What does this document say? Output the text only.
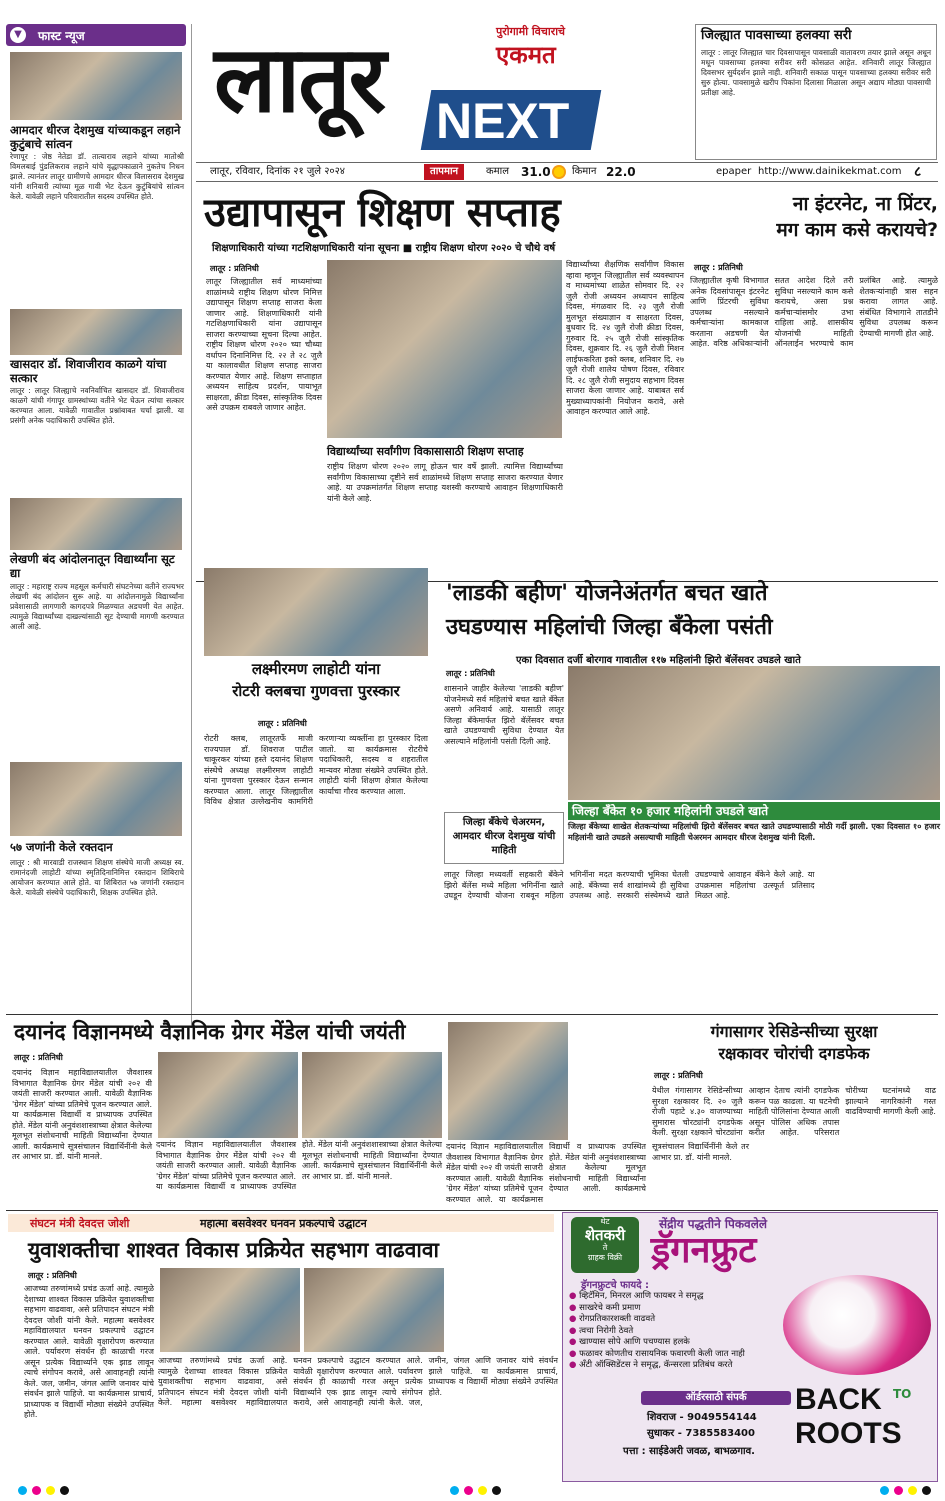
▼	फास्ट न्यूज
आमदार धीरज देशमुख यांच्याकडून लहाने कुटुंबाचे सांत्वन
रेणापूर : जेष्ठ नेतेडा डॉ. तात्याराव लहाने यांच्या मातोश्री विमलबाई पुंडलिकराव लहाने यांचे वृद्धापकाळाने नुकतेच निधन झाले. त्यानंतर लातूर ग्रामीणचे आमदार धीरज विलासराव देशमुख यांनी शनिवारी त्यांच्या मूळ गावी भेट देऊन कुटुंबियांचे सांत्वन केले. यावेळी लहाने परिवारातील सदस्य उपस्थित होते.
खासदार डॉ. शिवाजीराव काळगे यांचा सत्कार
लातूर : लातूर जिल्ह्याचे नवनिर्वाचित खासदार डॉ. शिवाजीराव काळगे यांची गंगापूर ग्रामस्थांच्या वतीने भेट घेऊन त्यांचा सत्कार करण्यात आला. यावेळी गावातील प्रश्नांबाबत चर्चा झाली. या प्रसंगी अनेक पदाधिकारी उपस्थित होते.
लेखणी बंद आंदोलनातून विद्यार्थ्यांना सूट द्या
लातूर : महाराष्ट्र राज्य महसूल कर्मचारी संघटनेच्या वतीने राज्यभर लेखणी बंद आंदोलन सुरू आहे. या आंदोलनामुळे विद्यार्थ्यांना प्रवेशासाठी लागणारी कागदपत्रे मिळण्यात अडचणी येत आहेत. त्यामुळे विद्यार्थ्यांच्या दाखल्यांसाठी सूट देण्याची मागणी करण्यात आली आहे.
५७ जणांनी केले रक्तदान
लातूर : श्री मारवाडी राजस्थान शिक्षण संस्थेचे माजी अध्यक्ष स्व. रामानंदजी लाहोटी यांच्या स्मृतिदिनानिमित्त रक्तदान शिबिराचे आयोजन करण्यात आले होते. या शिबिरात ५७ जणांनी रक्तदान केले. यावेळी संस्थेचे पदाधिकारी, शिक्षक उपस्थित होते.
लातूर	पुरोगामी विचाराचे
एकमत
NEXT
जिल्ह्यात पावसाच्या हलक्या सरी
लातूर : लातूर जिल्ह्यात चार दिवसापासून पावसाळी वातावरण तयार झाले असून अधून मधून पावसाच्या हलक्या सरीवर सरी कोसळत आहेत. शनिवारी लातूर जिल्ह्यात दिवसभर सुर्यदर्शन झाले नाही. शनिवारी सकाळ पासून पावसाच्या हलक्या सरीवर सरी सुरु होत्या. पावसामुळे खरीप पिकांना दिलासा मिळाला असून अद्याप मोठ्या पावसाची प्रतीक्षा आहे.
लातूर, रविवार, दिनांक २१ जुले २०२४	तापमान	कमाल 31.0 किमान 22.0	epaper http://www.dainikekmat.com ८
उद्यापासून शिक्षण सप्ताह
शिक्षणाधिकारी यांच्या गटशिक्षणाधिकारी यांना सूचना ■ राष्ट्रीय शिक्षण धोरण २०२० चे चौथे वर्ष
लातूर : प्रतिनिधी
लातूर जिल्ह्यातील सर्व माध्यमांच्या शाळांमध्ये राष्ट्रीय शिक्षण धोरण निमित्त उद्यापासून शिक्षण सप्ताह साजरा केला जाणार आहे. शिक्षणाधिकारी यांनी गटशिक्षणाधिकारी यांना उद्यापासून साजरा करण्याच्या सूचना दिल्या आहेत. राष्ट्रीय शिक्षण धोरण २०२० च्या चौथ्या वर्धापन दिनानिमित्त दि. २२ ते २८ जुलै या कालावधीत शिक्षण सप्ताह साजरा करण्यात येणार आहे. शिक्षण सप्ताहात अध्ययन साहित्य प्रदर्शन, पायाभूत साक्षरता, क्रीडा दिवस, सांस्कृतिक दिवस असे उपक्रम राबवले जाणार आहेत.
विद्यार्थ्यांच्या सर्वांगीण विकासासाठी शिक्षण सप्ताह
राष्ट्रीय शिक्षण धोरण २०२० लागू होऊन चार वर्षे झाली. त्यामित्त विद्यार्थ्यांच्या सर्वांगीण विकासाच्या दृष्टीने सर्व शाळांमध्ये शिक्षण सप्ताह साजरा करण्यात येणार आहे. या उपक्रमांतर्गत शिक्षण सप्ताह यशस्वी करण्याचे आवाहन शिक्षणाधिकारी यांनी केले आहे.
विद्यार्थ्यांच्या शैक्षणिक सर्वांगीण विकास व्हावा म्हणून जिल्ह्यातील सर्व व्यवस्थापन व माध्यमांच्या शाळेत सोमवार दि. २२ जुलै रोजी अध्ययन अध्यापन साहित्य दिवस, मंगळवार दि. २३ जुलै रोजी मुलभूत संख्याज्ञान व साक्षरता दिवस, बुधवार दि. २४ जुलै रोजी क्रीडा दिवस, गुरुवार दि. २५ जुलै रोजी सांस्कृतिक दिवस, शुक्रवार दि. २६ जुलै रोजी मिशन लाईफकरिता इको क्लब, शनिवार दि. २७ जुलै रोजी शालेय पोषण दिवस, रविवार दि. २८ जुलै रोजी समुदाय सहभाग दिवस साजरा केला जाणार आहे. याबाबत सर्व मुख्याध्यापकांनी नियोजन करावे, असे आवाहन करण्यात आले आहे.
ना इंटरनेट, ना प्रिंटर,
मग काम कसे करायचे?
लातूर : प्रतिनिधी
जिल्ह्यातील कृषी विभागात अनेक दिवसांपासून इंटरनेट आणि प्रिंटरची सुविधा उपलब्ध नसल्याने कर्मचाऱ्यांना कामकाज करताना अडचणी येत आहेत. वरिष्ठ अधिकाऱ्यांनी सतत आदेश दिले तरी सुविधा नसल्याने काम कसे करायचे, असा प्रश्न कर्मचाऱ्यांसमोर उभा राहिला आहे. शासकीय योजनांची माहिती ऑनलाईन भरण्याचे काम प्रलंबित आहे. त्यामुळे शेतकऱ्यांनाही त्रास सहन करावा लागत आहे. संबंधित विभागाने तातडीने सुविधा उपलब्ध करून देण्याची मागणी होत आहे.
लक्ष्मीरमण लाहोटी यांना
रोटरी क्लबचा गुणवत्ता पुरस्कार
लातूर : प्रतिनिधी
रोटरी क्लब, लातूरतर्फे माजी राज्यपाल डॉ. शिवराज पाटील चाकूरकर यांच्या हस्ते दयानंद शिक्षण संस्थेचे अध्यक्ष लक्ष्मीरमण लाहोटी यांना गुणवत्ता पुरस्कार देऊन सन्मान करण्यात आला. लातूर जिल्ह्यातील विविध क्षेत्रात उल्लेखनीय कामगिरी करणाऱ्या व्यक्तींना हा पुरस्कार दिला जातो. या कार्यक्रमास रोटरीचे पदाधिकारी, सदस्य व शहरातील मान्यवर मोठ्या संख्येने उपस्थित होते. लाहोटी यांनी शिक्षण क्षेत्रात केलेल्या कार्याचा गौरव करण्यात आला.
'लाडकी बहीण' योजनेअंतर्गत बचत खाते
उघडण्यास महिलांची जिल्हा बँकेला पसंती
एका दिवसात दर्जी बोरगाव गावातील ११७ महिलांनी झिरो बॅलेंसवर उघडले खाते
लातूर : प्रतिनिधी
शासनाने जाहीर केलेल्या 'लाडकी बहीण' योजनेमध्ये सर्व महिलांचे बचत खाते बँकेत असणे अनिवार्य आहे. यासाठी लातूर जिल्हा बँकेमार्फत झिरो बॅलेंसवर बचत खाते उघडण्याची सुविधा देण्यात येत असल्याने महिलांनी पसंती दिली आहे.
जिल्हा बँकेचे चेअरमन, आमदार धीरज देशमुख यांची माहिती
जिल्हा बँकेत १० हजार महिलांनी उघडले खाते
जिल्हा बँकेच्या शाखेत शेतकऱ्यांच्या महिलांची झिरो बॅलेंसवर बचत खाते उघडण्यासाठी मोठी गर्दी झाली. एका दिवसात १० हजार महिलांनी खाते उघडले असल्याची माहिती चेअरमन आमदार धीरज देशमुख यांनी दिली.
लातूर जिल्हा मध्यवर्ती सहकारी बँकेने झिरो बॅलेंस मध्ये महिला भगिनींना खाते उघडून देण्याची योजना राबवून महिला भगिनींना मदत करण्याची भूमिका घेतली आहे. बँकेच्या सर्व शाखांमध्ये ही सुविधा उपलब्ध आहे. सरकारी संस्थेमध्ये खाते उघडण्याचे आवाहन बँकेने केले आहे. या उपक्रमास महिलांचा उत्स्फूर्त प्रतिसाद मिळत आहे.
दयानंद विज्ञानमध्ये वैज्ञानिक ग्रेगर मेंडेल यांची जयंती
लातूर : प्रतिनिधी
दयानंद विज्ञान महाविद्यालयातील जैवशास्त्र विभागात वैज्ञानिक ग्रेगर मेंडेल यांची २०२ वी जयंती साजरी करण्यात आली. यावेळी वैज्ञानिक 'ग्रेगर मेंडेल' यांच्या प्रतिमेचे पूजन करण्यात आले. या कार्यक्रमास विद्यार्थी व प्राध्यापक उपस्थित होते. मेंडेल यांनी अनुवंशशास्त्राच्या क्षेत्रात केलेल्या मूलभूत संशोधनाची माहिती विद्यार्थ्यांना देण्यात आली. कार्यक्रमाचे सूत्रसंचालन विद्यार्थिनींनी केले तर आभार प्रा. डॉ. यांनी मानले.
दयानंद विज्ञान महाविद्यालयातील जैवशास्त्र विभागात वैज्ञानिक ग्रेगर मेंडेल यांची २०२ वी जयंती साजरी करण्यात आली. यावेळी वैज्ञानिक 'ग्रेगर मेंडेल' यांच्या प्रतिमेचे पूजन करण्यात आले. या कार्यक्रमास विद्यार्थी व प्राध्यापक उपस्थित होते. मेंडेल यांनी अनुवंशशास्त्राच्या क्षेत्रात केलेल्या मूलभूत संशोधनाची माहिती विद्यार्थ्यांना देण्यात आली. कार्यक्रमाचे सूत्रसंचालन विद्यार्थिनींनी केले तर आभार प्रा. डॉ. यांनी मानले.
दयानंद विज्ञान महाविद्यालयातील जैवशास्त्र विभागात वैज्ञानिक ग्रेगर मेंडेल यांची २०२ वी जयंती साजरी करण्यात आली. यावेळी वैज्ञानिक 'ग्रेगर मेंडेल' यांच्या प्रतिमेचे पूजन करण्यात आले. या कार्यक्रमास विद्यार्थी व प्राध्यापक उपस्थित होते. मेंडेल यांनी अनुवंशशास्त्राच्या क्षेत्रात केलेल्या मूलभूत संशोधनाची माहिती विद्यार्थ्यांना देण्यात आली. कार्यक्रमाचे सूत्रसंचालन विद्यार्थिनींनी केले तर आभार प्रा. डॉ. यांनी मानले.
गंगासागर रेसिडेन्सीच्या सुरक्षा
रक्षकावर चोरांची दगडफेक
लातूर : प्रतिनिधी
येथील गंगासागर रेसिडेन्सीच्या सुरक्षा रक्षकावर दि. २० जुलै रोजी पहाटे ४.३० वाजण्याच्या सुमारास चोरट्यांनी दगडफेक केली. सुरक्षा रक्षकाने चोरट्यांना आव्हान देताच त्यांनी दगडफेक करून पळ काढला. या घटनेची माहिती पोलिसांना देण्यात आली असून पोलिस अधिक तपास करीत आहेत. परिसरात चोरीच्या घटनांमध्ये वाढ झाल्याने नागरिकांनी गस्त वाढविण्याची मागणी केली आहे.
संघटन मंत्री देवदत्त जोशी	महात्मा बसवेश्वर घनवन प्रकल्पाचे उद्घाटन
युवाशक्तीचा शाश्वत विकास प्रक्रियेत सहभाग वाढवावा
लातूर : प्रतिनिधी
आजच्या तरुणांमध्ये प्रचंड ऊर्जा आहे. त्यामुळे देशाच्या शाश्वत विकास प्रक्रियेत युवाशक्तीचा सहभाग वाढवावा, असे प्रतिपादन संघटन मंत्री देवदत्त जोशी यांनी केले. महात्मा बसवेश्वर महाविद्यालयात घनवन प्रकल्पाचे उद्घाटन करण्यात आले. यावेळी वृक्षारोपण करण्यात आले. पर्यावरण संवर्धन ही काळाची गरज असून प्रत्येक विद्यार्थ्याने एक झाड लावून त्याचे संगोपन करावे, असे आवाहनही त्यांनी केले. जल, जमीन, जंगल आणि जनावर यांचे संवर्धन झाले पाहिजे. या कार्यक्रमास प्राचार्य, प्राध्यापक व विद्यार्थी मोठ्या संख्येने उपस्थित होते.
आजच्या तरुणांमध्ये प्रचंड ऊर्जा आहे. त्यामुळे देशाच्या शाश्वत विकास प्रक्रियेत युवाशक्तीचा सहभाग वाढवावा, असे प्रतिपादन संघटन मंत्री देवदत्त जोशी यांनी केले. महात्मा बसवेश्वर महाविद्यालयात घनवन प्रकल्पाचे उद्घाटन करण्यात आले. यावेळी वृक्षारोपण करण्यात आले. पर्यावरण संवर्धन ही काळाची गरज असून प्रत्येक विद्यार्थ्याने एक झाड लावून त्याचे संगोपन करावे, असे आवाहनही त्यांनी केले. जल, जमीन, जंगल आणि जनावर यांचे संवर्धन झाले पाहिजे. या कार्यक्रमास प्राचार्य, प्राध्यापक व विद्यार्थी मोठ्या संख्येने उपस्थित होते.
थेट
शेतकरी
ते
ग्राहक विक्री
सेंद्रीय पद्धतीने पिकवलेले
ड्रॅगनफ्रुट
ड्रॅगनफ्रुटचे फायदे :
● व्हिटॅमिन, मिनरल आणि फायबर ने समृद्ध
● साखरेचे कमी प्रमाण
● रोगप्रतिकारशक्ती वाढवते
● त्वचा निरोगी ठेवते
● खाण्यास सोपे आणि पचण्यास हलके
● फळावर कोणतीच रासायनिक फवारणी केली जात नाही
● अँटी ऑक्सिडेंटस ने समृद्ध, कॅन्सरला प्रतिबंध करते
ऑर्डरसाठी संपर्क
शिवराज - 9049554144
सुधाकर - 7385583400
पत्ता : साईडेअरी जवळ, बाभळगाव.
BACK TO
ROOTS
